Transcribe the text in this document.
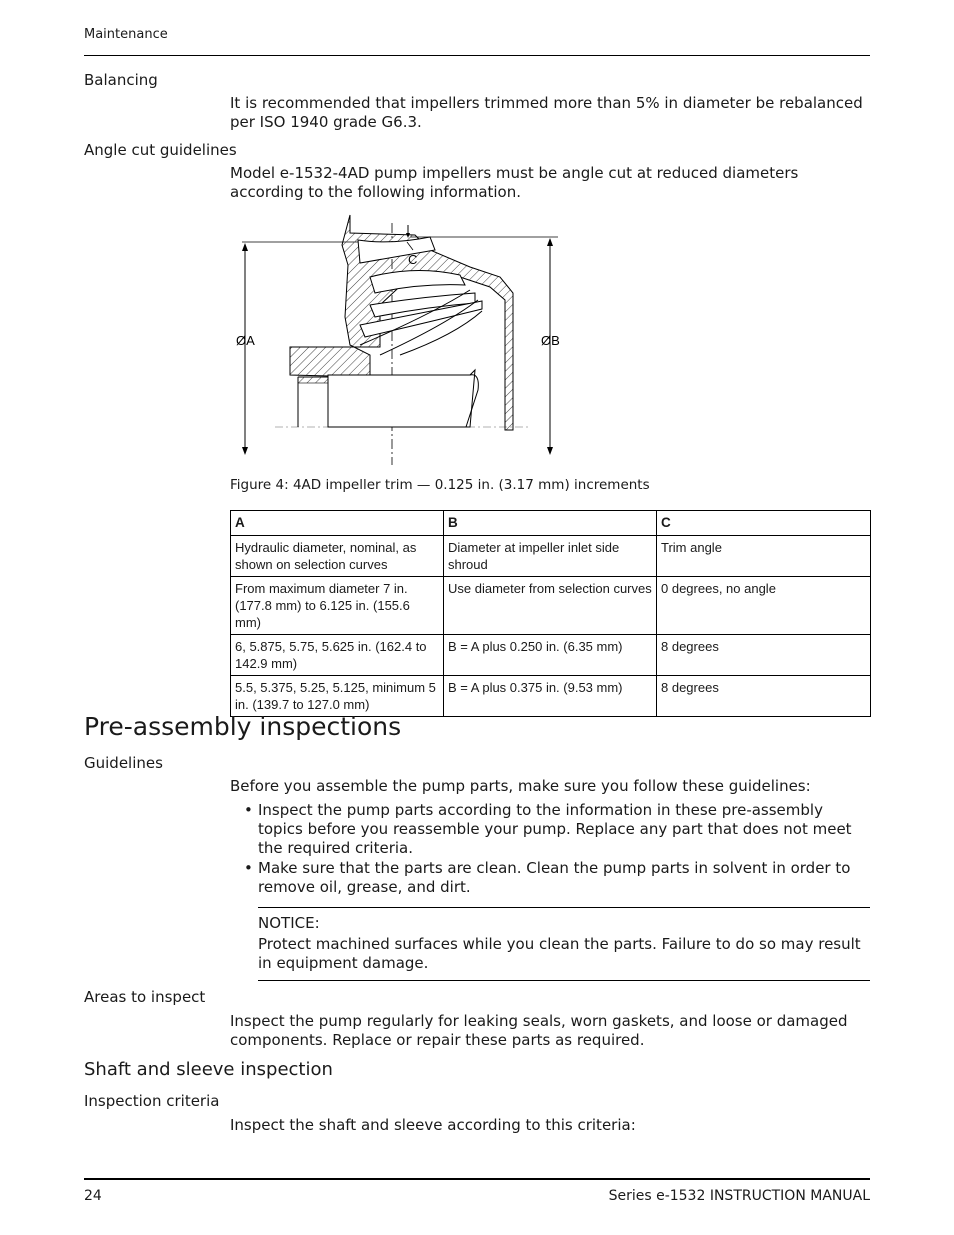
Maintenance
Balancing
It is recommended that impellers trimmed more than 5% in diameter be rebalanced per ISO 1940 grade G6.3.
Angle cut guidelines
Model e-1532-4AD pump impellers must be angle cut at reduced diameters according to the following information.
C
ØA	ØB
Figure 4: 4AD impeller trim — 0.125 in. (3.17 mm) increments
A	B	C
Hydraulic diameter, nominal, as shown on selection curves	Diameter at impeller inlet side shroud	Trim angle
From maximum diameter 7 in. (177.8 mm) to 6.125 in. (155.6 mm)	Use diameter from selection curves	0 degrees, no angle
6, 5.875, 5.75, 5.625 in. (162.4 to 142.9 mm)	B = A plus 0.250 in. (6.35 mm)	8 degrees
5.5, 5.375, 5.25, 5.125, minimum 5 in. (139.7 to 127.0 mm)	B = A plus 0.375 in. (9.53 mm)	8 degrees
Pre-assembly inspections
Guidelines
Before you assemble the pump parts, make sure you follow these guidelines:
• Inspect the pump parts according to the information in these pre-assembly topics before you reassemble your pump. Replace any part that does not meet the required criteria.
• Make sure that the parts are clean. Clean the pump parts in solvent in order to remove oil, grease, and dirt.
NOTICE:
Protect machined surfaces while you clean the parts. Failure to do so may result in equipment damage.
Areas to inspect
Inspect the pump regularly for leaking seals, worn gaskets, and loose or damaged components. Replace or repair these parts as required.
Shaft and sleeve inspection
Inspection criteria
Inspect the shaft and sleeve according to this criteria:
24	Series e-1532 INSTRUCTION MANUAL
